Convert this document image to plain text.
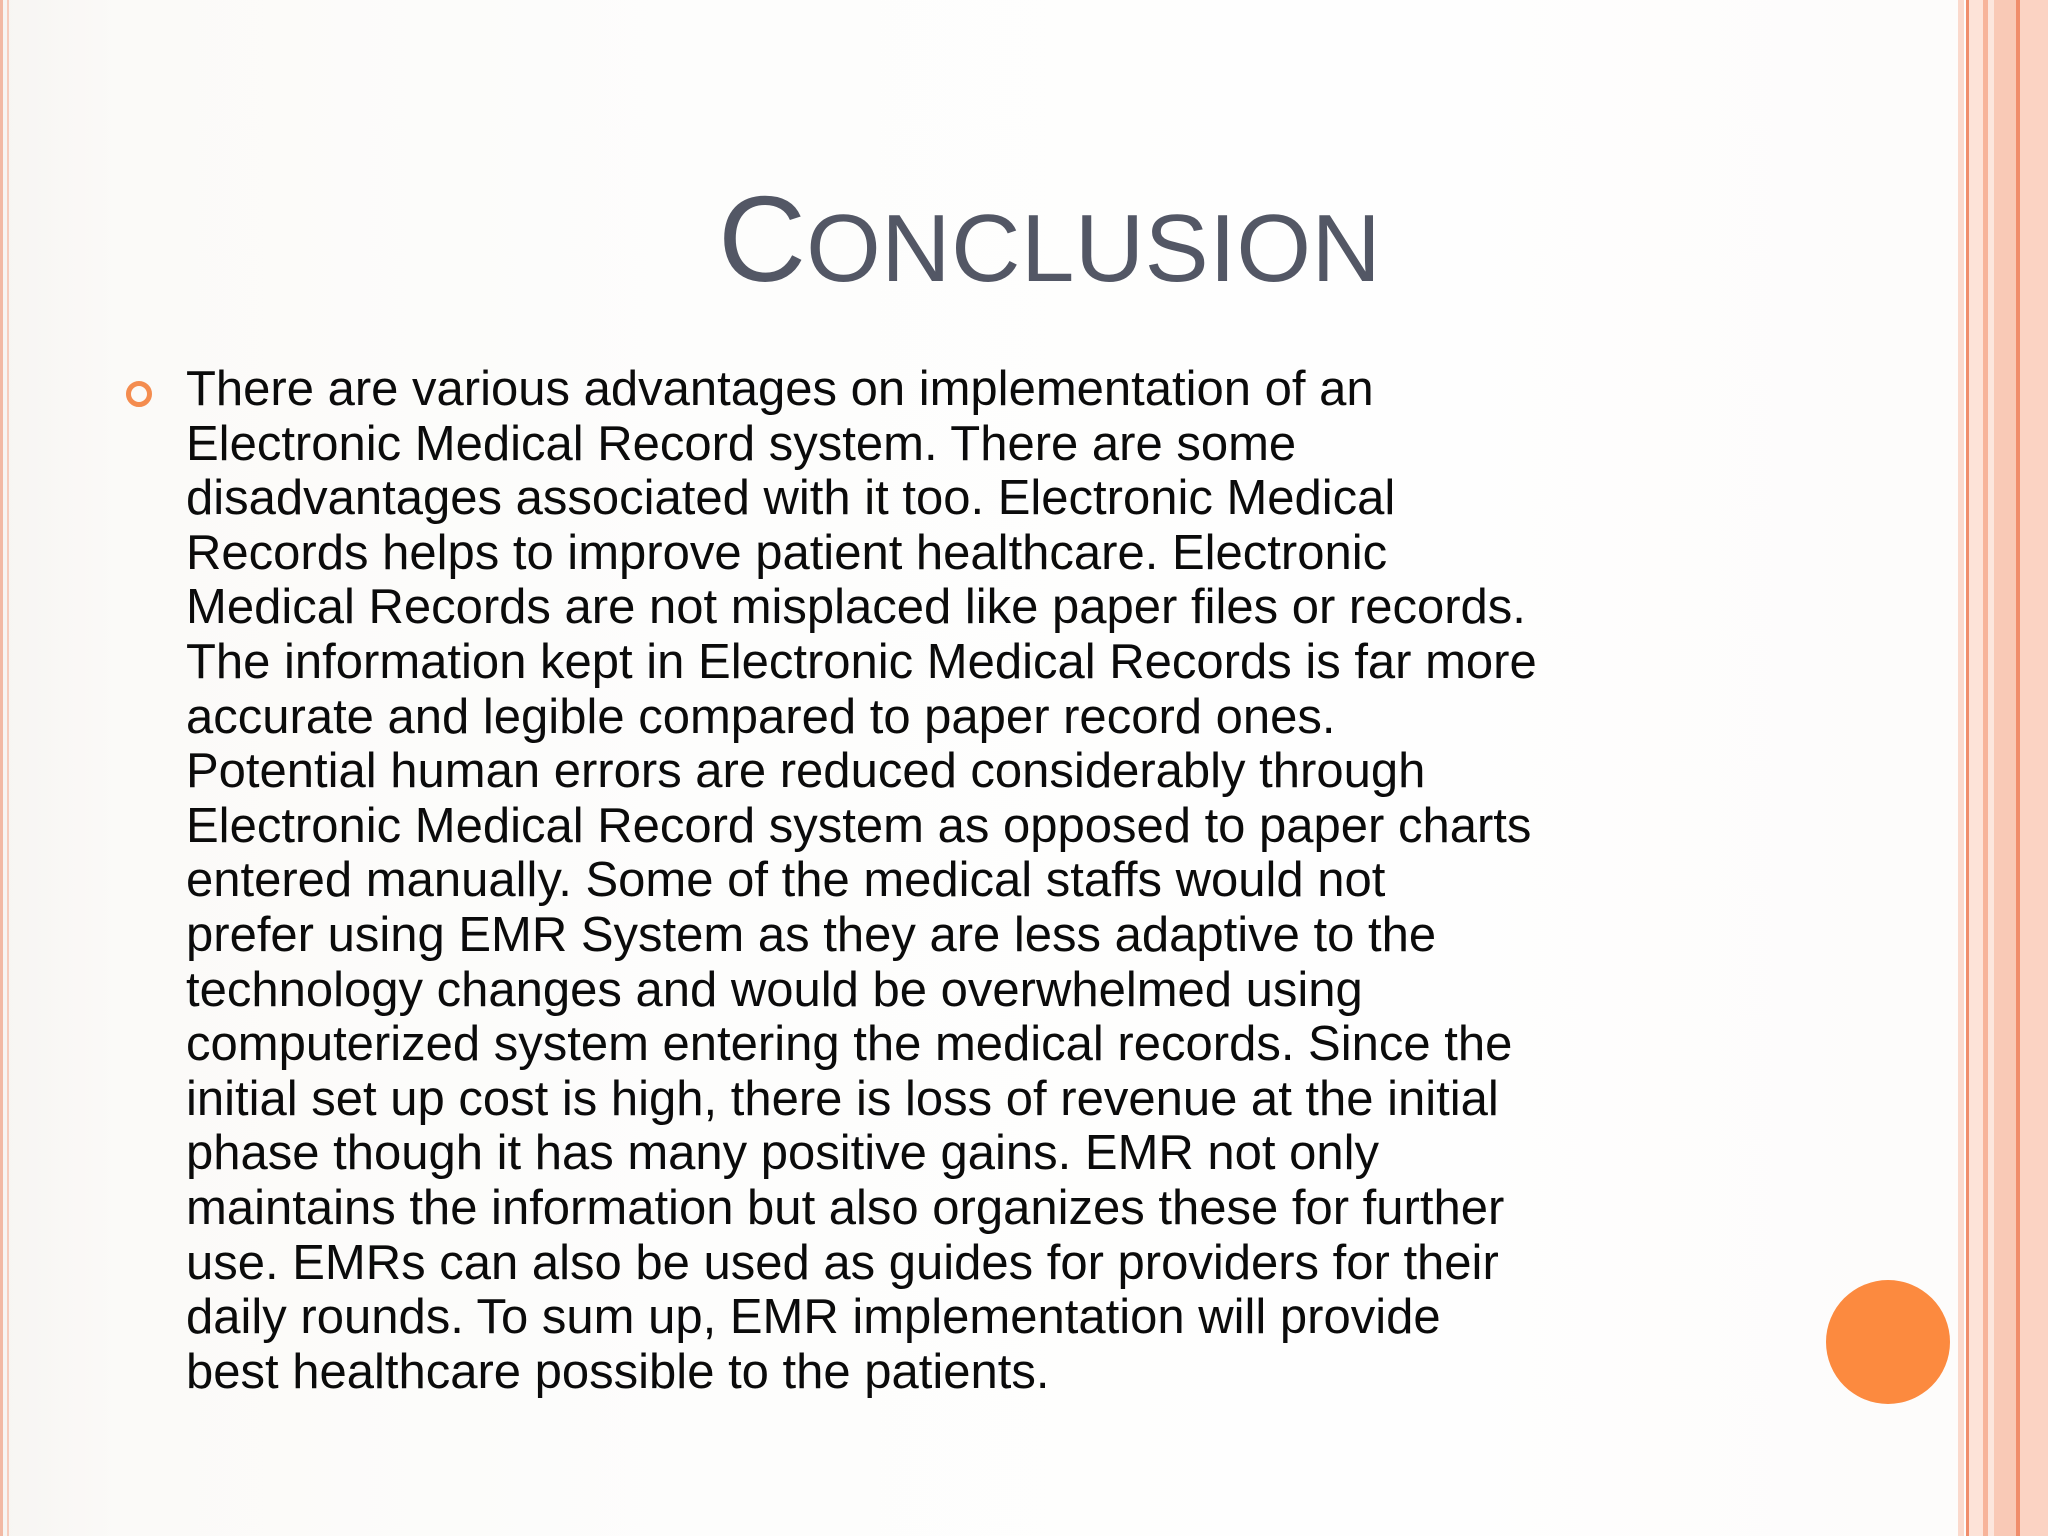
CONCLUSION

There are various advantages on implementation of an
Electronic Medical Record system. There are some
disadvantages associated with it too. Electronic Medical
Records helps to improve patient healthcare. Electronic
Medical Records are not misplaced like paper files or records.
The information kept in Electronic Medical Records is far more
accurate and legible compared to paper record ones.
Potential human errors are reduced considerably through
Electronic Medical Record system as opposed to paper charts
entered manually. Some of the medical staffs would not
prefer using EMR System as they are less adaptive to the
technology changes and would be overwhelmed using
computerized system entering the medical records. Since the
initial set up cost is high, there is loss of revenue at the initial
phase though it has many positive gains. EMR not only
maintains the information but also organizes these for further
use. EMRs can also be used as guides for providers for their
daily rounds. To sum up, EMR implementation will provide
best healthcare possible to the patients.
